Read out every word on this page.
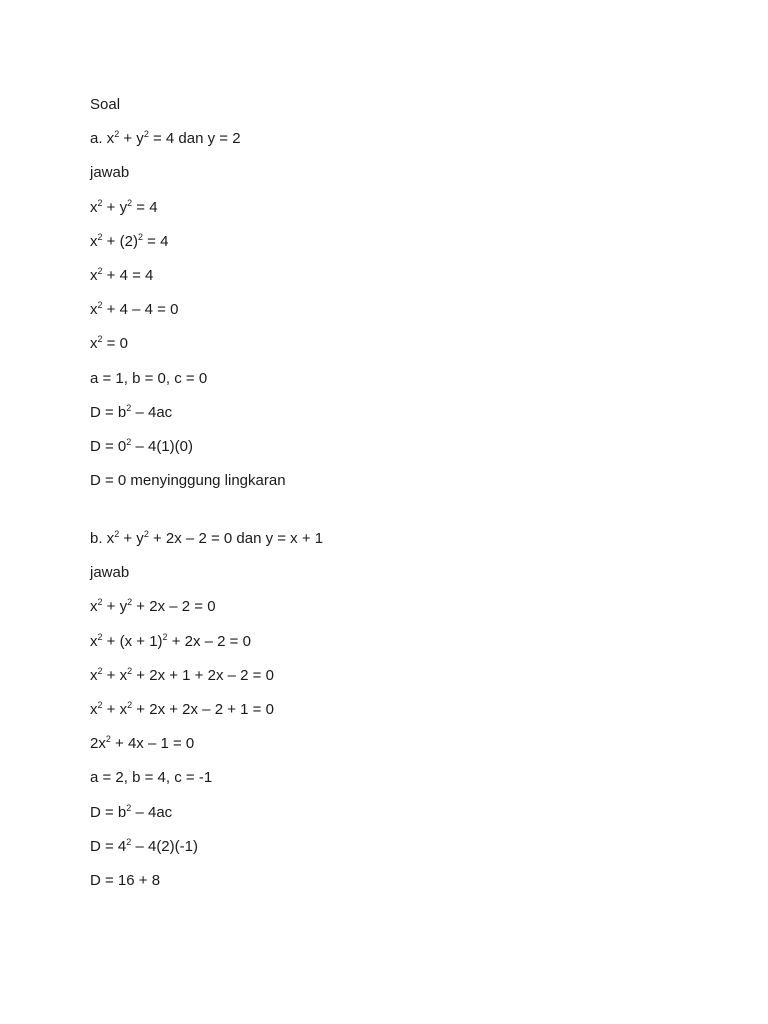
Soal
a. $x^2 + y^2 = 4$ dan y = 2
jawab
$x^2 + y^2 = 4$
$x^2 + (2)^2 = 4$
$x^2 + 4 = 4$
$x^2 + 4 - 4 = 0$
$x^2 = 0$
a = 1, b = 0, c = 0
$D = b^2 - 4ac$
$D = 0^2 - 4(1)(0)$
D = 0 menyinggung lingkaran
b. $x^2 + y^2 + 2x - 2 = 0$ dan y = x + 1
jawab
$x^2 + y^2 + 2x - 2 = 0$
$x^2 + (x + 1)^2 + 2x - 2 = 0$
$x^2 + x^2 + 2x + 1 + 2x - 2 = 0$
$x^2 + x^2 + 2x + 2x - 2 + 1 = 0$
$2x^2 + 4x - 1 = 0$
a = 2, b = 4, c = -1
$D = b^2 - 4ac$
$D = 4^2 - 4(2)(-1)$
D = 16 + 8
